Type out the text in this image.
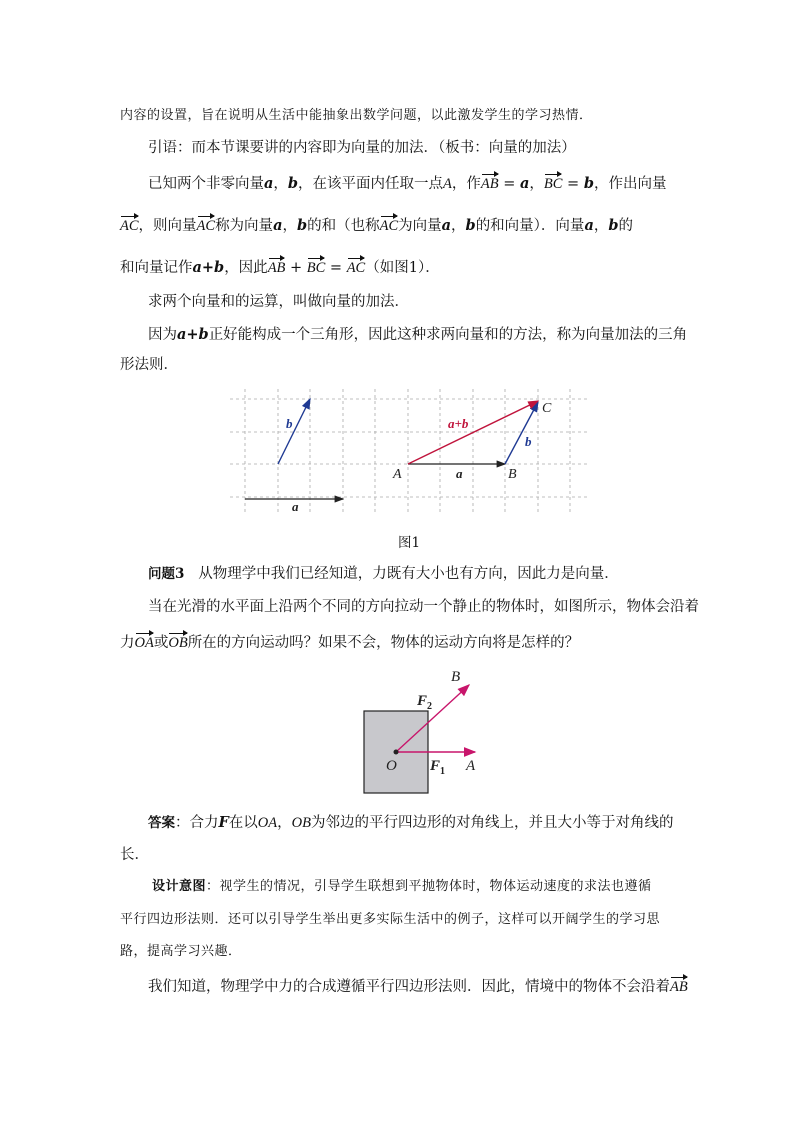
内容的设置，旨在说明从生活中能抽象出数学问题，以此激发学生的学习热情．
引语：而本节课要讲的内容即为向量的加法．（板书：向量的加法）
已知两个非零向量a，b，在该平面内任取一点A，作AB = a，BC = b，作出向量
AC，则向量AC称为向量a，b的和（也称AC为向量a，b的和向量）．向量a，b的
和向量记作a+b，因此AB + BC = AC（如图1）．
求两个向量和的运算，叫做向量的加法．
因为a+b正好能构成一个三角形，因此这种求两向量和的方法，称为向量加法的三角
形法则．
b
a
a+b
b
a
A	B
C
图1
问题3 从物理学中我们已经知道，力既有大小也有方向，因此力是向量．
当在光滑的水平面上沿两个不同的方向拉动一个静止的物体时，如图所示，物体会沿着
力OA或OB所在的方向运动吗？如果不会，物体的运动方向将是怎样的？
B
$F_2$
O $F_1$ A
答案：合力F在以OA，OB为邻边的平行四边形的对角线上，并且大小等于对角线的
长．
设计意图：视学生的情况，引导学生联想到平抛物体时，物体运动速度的求法也遵循
平行四边形法则．还可以引导学生举出更多实际生活中的例子，这样可以开阔学生的学习思
路，提高学习兴趣．
我们知道，物理学中力的合成遵循平行四边形法则．因此，情境中的物体不会沿着AB
